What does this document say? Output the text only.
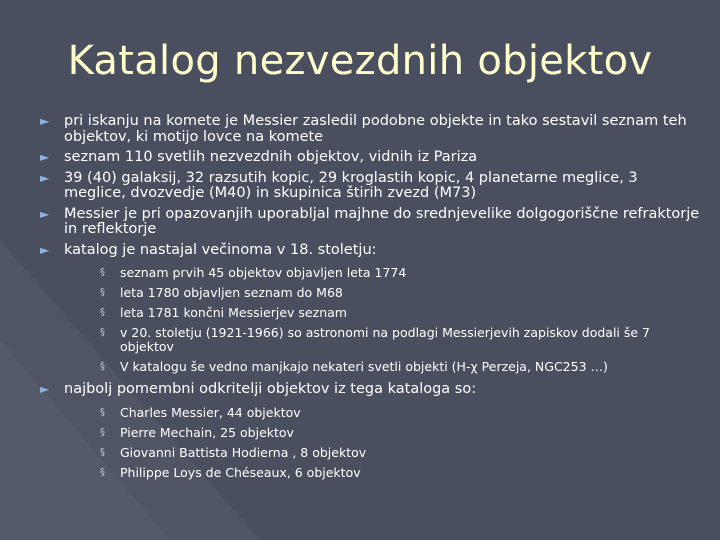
Katalog nezvezdnih objektov
► pri iskanju na komete je Messier zasledil podobne objekte in tako sestavil seznam teh objektov, ki motijo lovce na komete
► seznam 110 svetlih nezvezdnih objektov, vidnih iz Pariza
► 39 (40) galaksij, 32 razsutih kopic, 29 kroglastih kopic, 4 planetarne meglice, 3 meglice, dvozvedje (M40) in skupinica štirih zvezd (M73)
► Messier je pri opazovanjih uporabljal majhne do srednjevelike dolgogoriščne refraktorje in reflektorje
► katalog je nastajal večinoma v 18. stoletju:
§ seznam prvih 45 objektov objavljen leta 1774
§ leta 1780 objavljen seznam do M68
§ leta 1781 končni Messierjev seznam
§ v 20. stoletju (1921-1966) so astronomi na podlagi Messierjevih zapiskov dodali še 7 objektov
§ V katalogu še vedno manjkajo nekateri svetli objekti (H-χ Perzeja, NGC253 …)
► najbolj pomembni odkritelji objektov iz tega kataloga so:
§ Charles Messier, 44 objektov
§ Pierre Mechain, 25 objektov
§ Giovanni Battista Hodierna , 8 objektov
§ Philippe Loys de Chéseaux, 6 objektov
